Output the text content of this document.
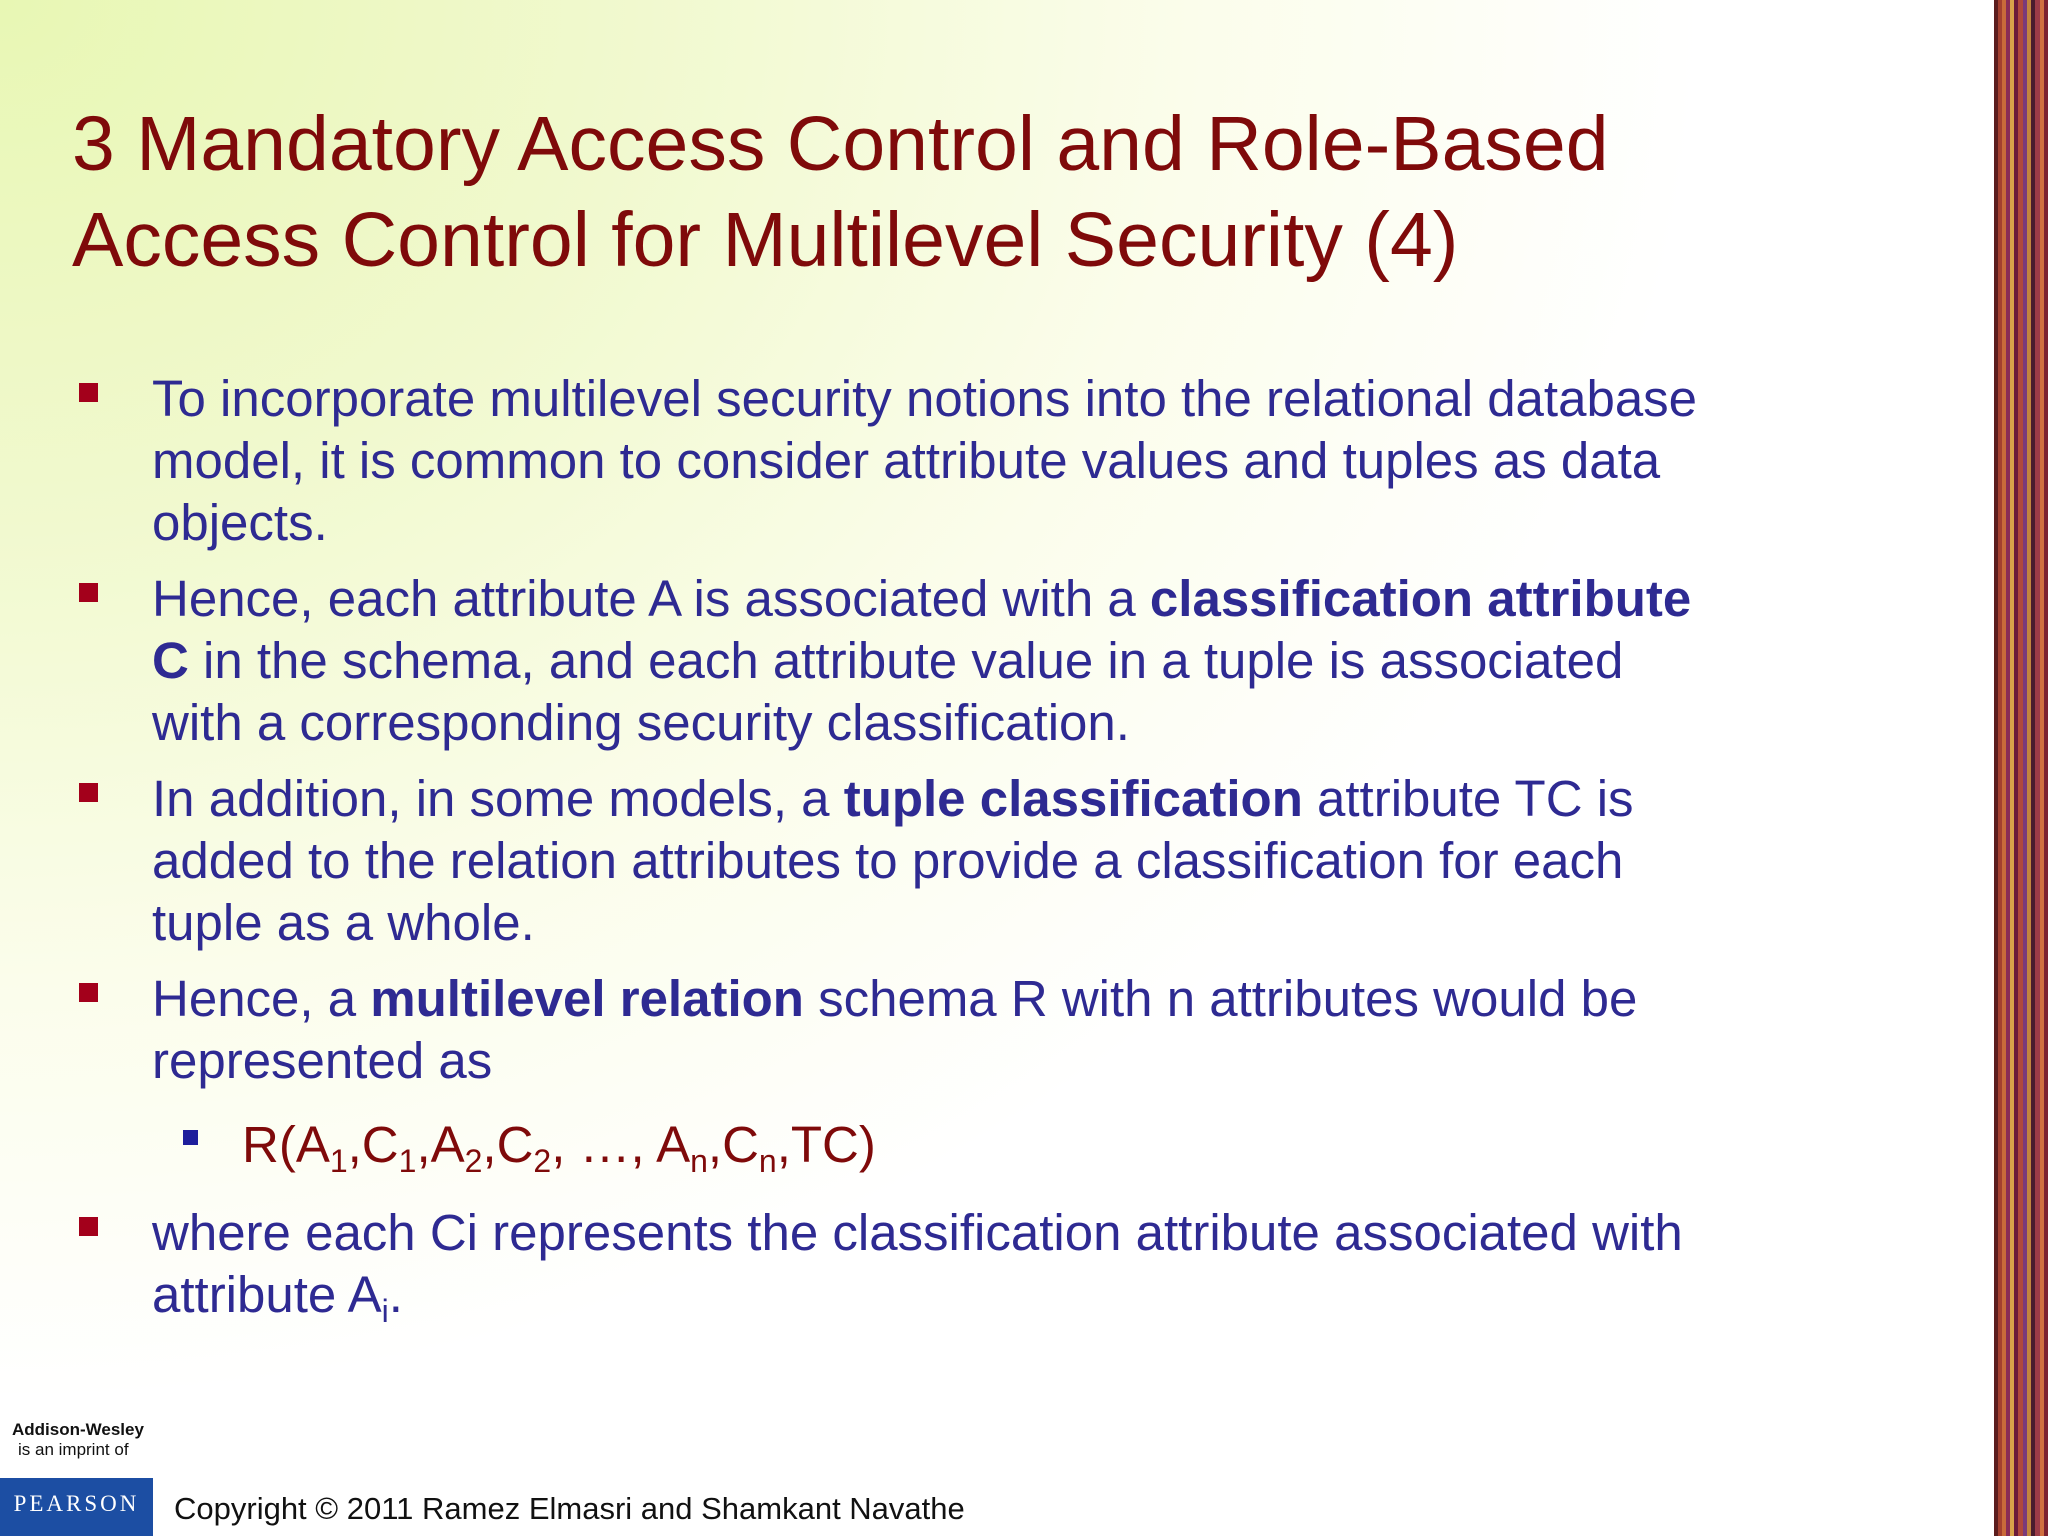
3 Mandatory Access Control and Role-Based
Access Control for Multilevel Security (4)
To incorporate multilevel security notions into the relational database
model, it is common to consider attribute values and tuples as data
objects.
Hence, each attribute A is associated with a classification attribute
C in the schema, and each attribute value in a tuple is associated
with a corresponding security classification.
In addition, in some models, a tuple classification attribute TC is
added to the relation attributes to provide a classification for each
tuple as a whole.
Hence, a multilevel relation schema R with n attributes would be
represented as
$R(A_1,C_1,A_2,C_2$, …, $A_n,C_n,TC$)
where each Ci represents the classification attribute associated with
attribute $A_i$.
Addison-Wesley
is an imprint of
PEARSON	Copyright © 2011 Ramez Elmasri and Shamkant Navathe
